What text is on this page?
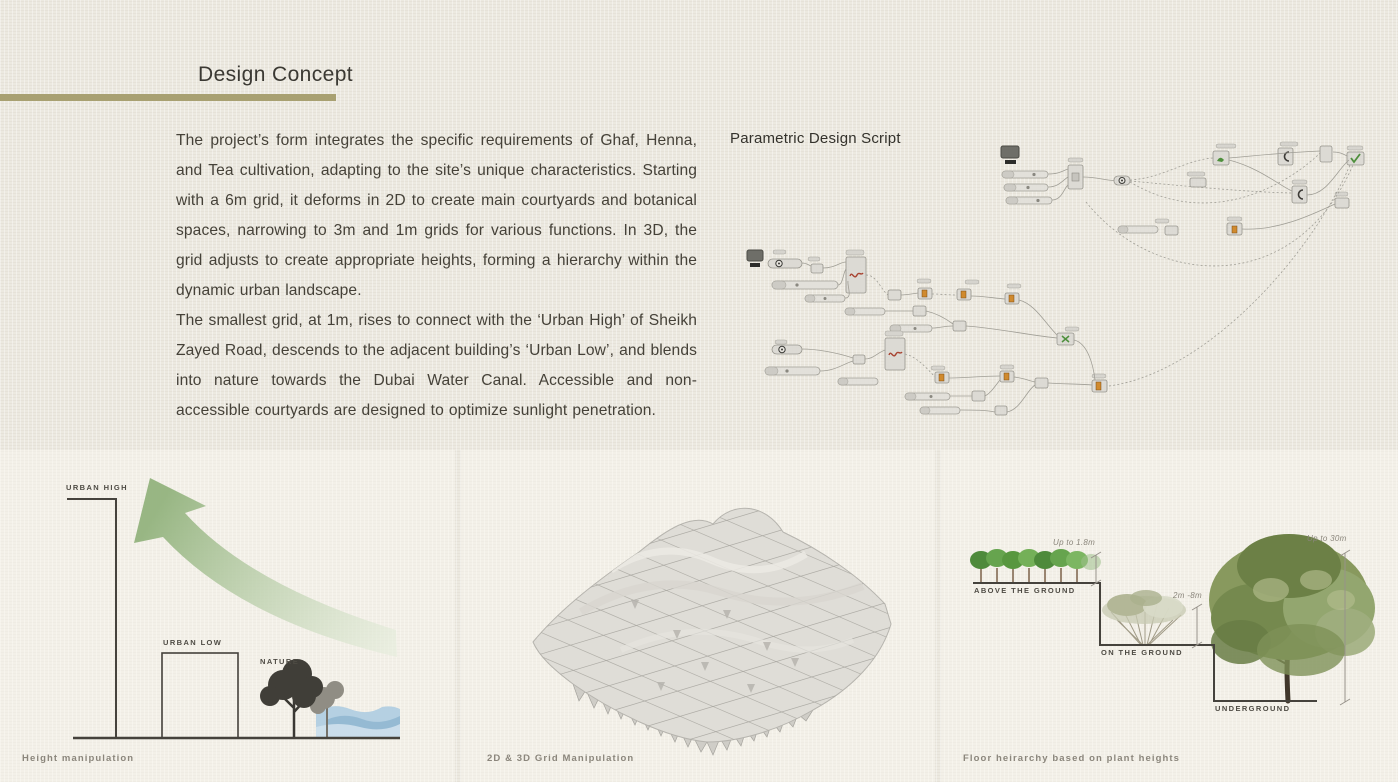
Design Concept

The project’s form integrates the specific requirements of Ghaf, Henna, and Tea cultivation, adapting to the site’s unique characteristics. Starting with a 6m grid, it deforms in 2D to create main courtyards and botanical spaces, narrowing to 3m and 1m grids for various functions. In 3D, the grid adjusts to create appropriate heights, forming a hierarchy within the dynamic urban landscape.

The smallest grid, at 1m, rises to connect with the ‘Urban High’ of Sheikh Zayed Road, descends to the adjacent building’s ‘Urban Low’, and blends into nature towards the Dubai Water Canal. Accessible and non-accessible courtyards are designed to optimize sunlight penetration.

Parametric Design Script
URBAN HIGH
URBAN LOW
NATURE
Height manipulation	2D & 3D Grid Manipulation
ABOVE THE GROUND
ON THE GROUND
UNDERGROUND
Up to 1.8m
2m -8m
Up to 30m
Floor heirarchy based on plant heights
